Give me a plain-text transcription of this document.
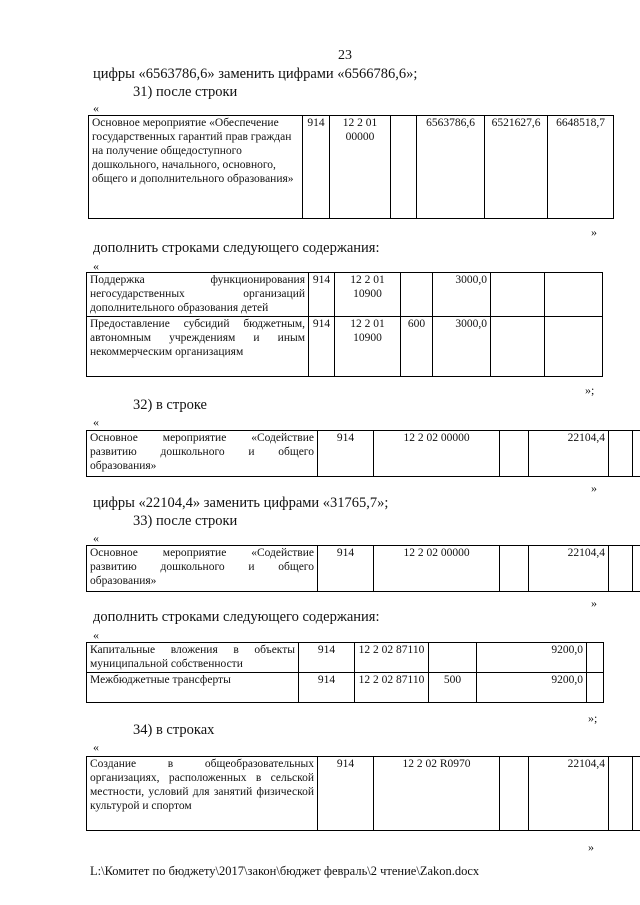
23
цифры «6563786,6» заменить цифрами «6566786,6»;
31) после строки
«
Основное мероприятие «Обеспечение государственных гарантий прав граждан на получение общедоступного дошкольного, начального, основного, общего и дополнительного образования»	914	12 2 01 00000		6563786,6	6521627,6	6648518,7
»
дополнить строками следующего содержания:
«
Поддержка функционирования негосударственных организаций дополнительного образования детей	914	12 2 01 10900		3000,0		
Предоставление субсидий бюджетным, автономным учреждениям и иным некоммерческим организациям	914	12 2 01 10900	600	3000,0		
»;
32) в строке
«
Основное мероприятие «Содействие развитию дошкольного и общего образования»	914	12 2 02 00000		22104,4		
»
цифры «22104,4» заменить цифрами «31765,7»;
33) после строки
«
Основное мероприятие «Содействие развитию дошкольного и общего образования»	914	12 2 02 00000		22104,4		
»
дополнить строками следующего содержания:
«
Капитальные вложения в объекты муниципальной собственности	914	12 2 02 87110		9200,0		
Межбюджетные трансферты	914	12 2 02 87110	500	9200,0		
»;
34) в строках
«
Создание в общеобразовательных организациях, расположенных в сельской местности, условий для занятий физической культурой и спортом	914	12 2 02 R0970		22104,4		
»
L:\Комитет по бюджету\2017\закон\бюджет февраль\2 чтение\Zakon.docx
